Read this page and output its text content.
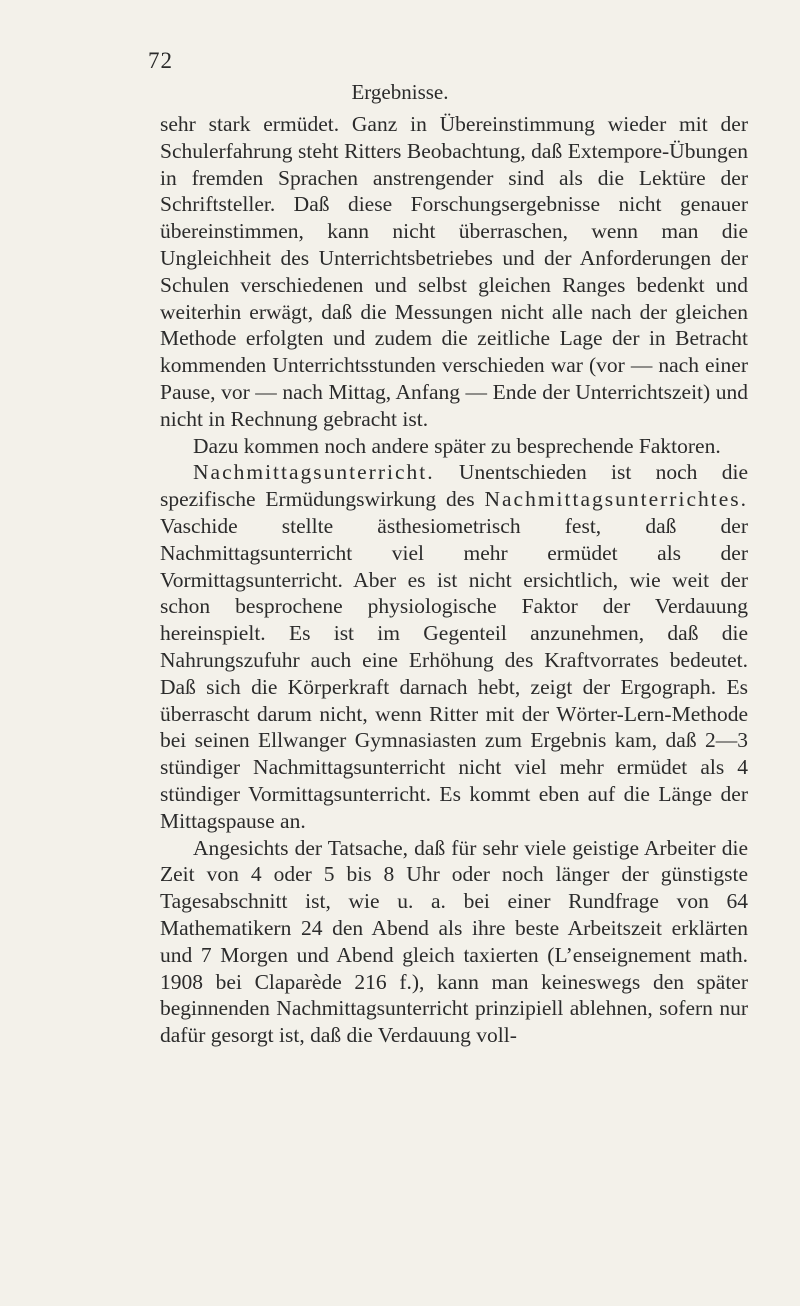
72
Ergebnisse.

sehr stark ermüdet. Ganz in Übereinstimmung wieder mit der Schulerfahrung steht Ritters Beobachtung, daß Extempore-Übungen in fremden Sprachen anstrengender sind als die Lektüre der Schriftsteller. Daß diese Forschungsergebnisse nicht genauer übereinstimmen, kann nicht überraschen, wenn man die Ungleichheit des Unterrichtsbetriebes und der Anforderungen der Schulen verschiedenen und selbst gleichen Ranges bedenkt und weiterhin erwägt, daß die Messungen nicht alle nach der gleichen Methode erfolgten und zudem die zeitliche Lage der in Betracht kommenden Unterrichtsstunden verschieden war (vor — nach einer Pause, vor — nach Mittag, Anfang — Ende der Unterrichtszeit) und nicht in Rechnung gebracht ist.

Dazu kommen noch andere später zu besprechende Faktoren.

Nachmittagsunterricht. Unentschieden ist noch die spezifische Ermüdungswirkung des Nachmittagsunterrichtes. Vaschide stellte ästhesiometrisch fest, daß der Nachmittagsunterricht viel mehr ermüdet als der Vormittagsunterricht. Aber es ist nicht ersichtlich, wie weit der schon besprochene physiologische Faktor der Verdauung hereinspielt. Es ist im Gegenteil anzunehmen, daß die Nahrungszufuhr auch eine Erhöhung des Kraftvorrates bedeutet. Daß sich die Körperkraft darnach hebt, zeigt der Ergograph. Es überrascht darum nicht, wenn Ritter mit der Wörter-Lern-Methode bei seinen Ellwanger Gymnasiasten zum Ergebnis kam, daß 2—3 stündiger Nachmittagsunterricht nicht viel mehr ermüdet als 4 stündiger Vormittagsunterricht. Es kommt eben auf die Länge der Mittagspause an.

Angesichts der Tatsache, daß für sehr viele geistige Arbeiter die Zeit von 4 oder 5 bis 8 Uhr oder noch länger der günstigste Tagesabschnitt ist, wie u. a. bei einer Rundfrage von 64 Mathematikern 24 den Abend als ihre beste Arbeitszeit erklärten und 7 Morgen und Abend gleich taxierten (L’enseignement math. 1908 bei Claparède 216 f.), kann man keineswegs den später beginnenden Nachmittagsunterricht prinzipiell ablehnen, sofern nur dafür gesorgt ist, daß die Verdauung voll-
